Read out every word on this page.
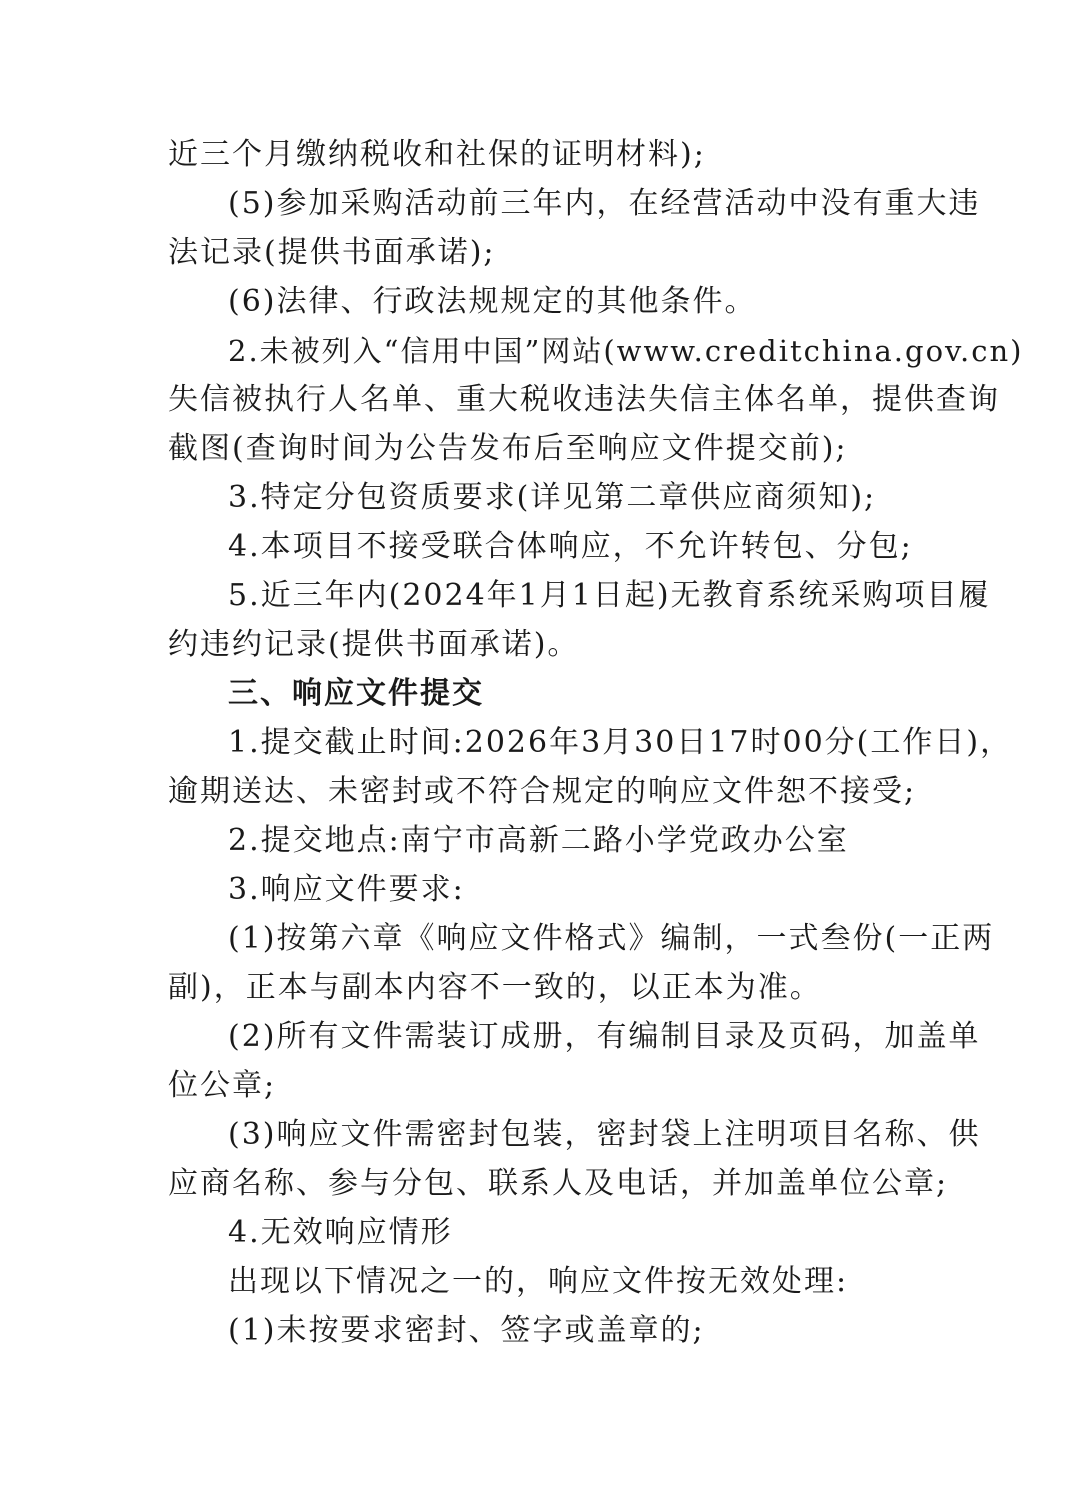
近三个月缴纳税收和社保的证明材料);

(5)参加采购活动前三年内，在经营活动中没有重大违

法记录(提供书面承诺);

(6)法律、行政法规规定的其他条件。

2.未被列入“信用中国”网站(www.creditchina.gov.cn)

失信被执行人名单、重大税收违法失信主体名单，提供查询

截图(查询时间为公告发布后至响应文件提交前);

3.特定分包资质要求(详见第二章供应商须知);

4.本项目不接受联合体响应，不允许转包、分包;

5.近三年内(2024年1月1日起)无教育系统采购项目履

约违约记录(提供书面承诺)。

三、响应文件提交

1.提交截止时间:2026年3月30日17时00分(工作日)，

逾期送达、未密封或不符合规定的响应文件恕不接受;

2.提交地点:南宁市高新二路小学党政办公室

3.响应文件要求:

(1)按第六章《响应文件格式》编制，一式叁份(一正两

副)，正本与副本内容不一致的，以正本为准。

(2)所有文件需装订成册，有编制目录及页码，加盖单

位公章;

(3)响应文件需密封包装，密封袋上注明项目名称、供

应商名称、参与分包、联系人及电话，并加盖单位公章;

4.无效响应情形

出现以下情况之一的，响应文件按无效处理:

(1)未按要求密封、签字或盖章的;
